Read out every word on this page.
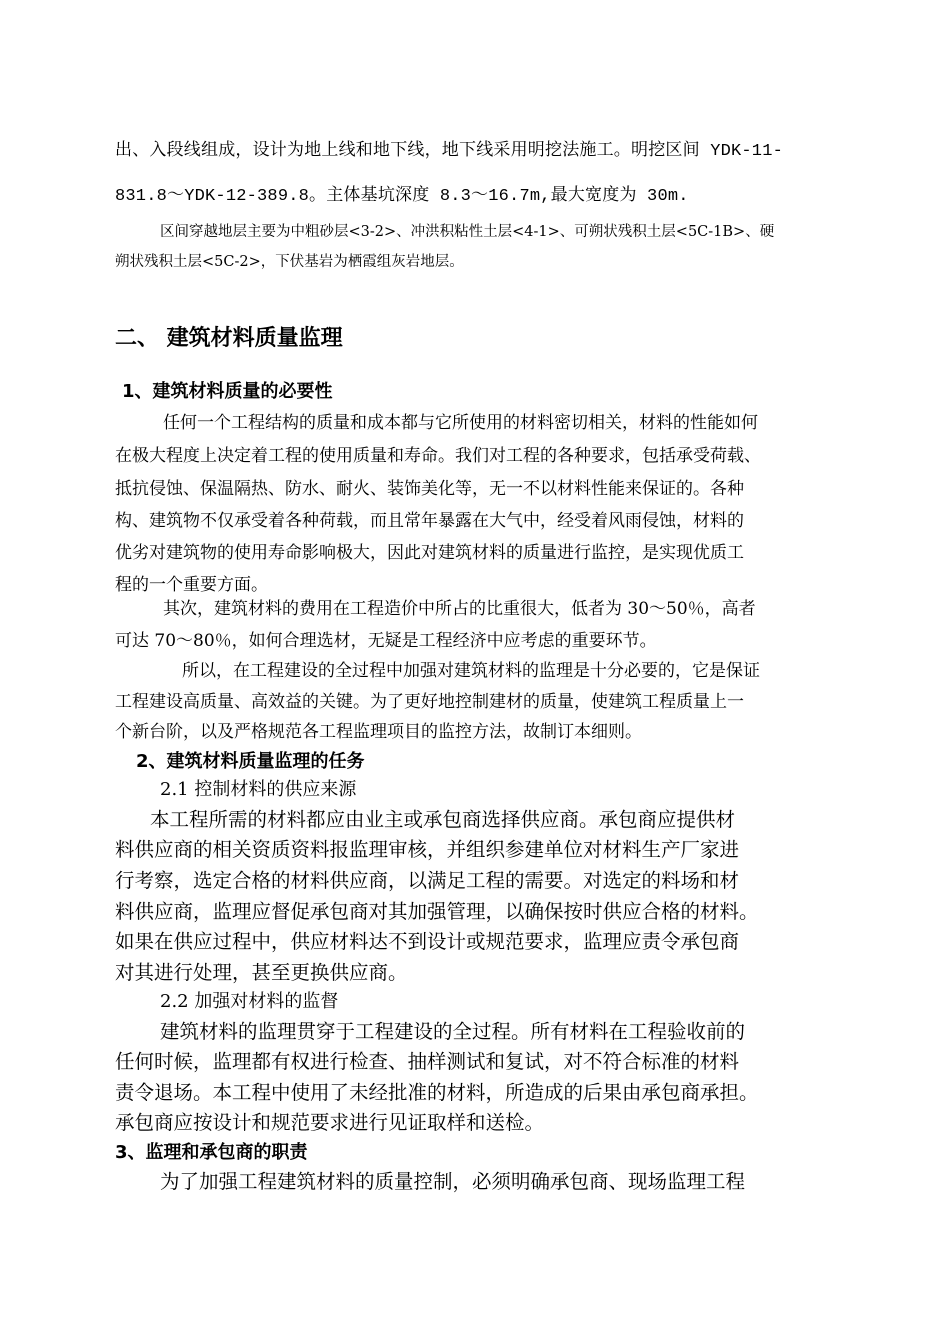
出、入段线组成，设计为地上线和地下线，地下线采用明挖法施工。明挖区间 YDK-11-

831.8～YDK-12-389.8。主体基坑深度 8.3～16.7m,最大宽度为 30m.

区间穿越地层主要为中粗砂层<3-2>、冲洪积粘性土层<4-1>、可朔状残积土层<5C-1B>、硬

朔状残积土层<5C-2>，下伏基岩为栖霞组灰岩地层。

二、 建筑材料质量监理

1、建筑材料质量的必要性

任何一个工程结构的质量和成本都与它所使用的材料密切相关，材料的性能如何

在极大程度上决定着工程的使用质量和寿命。我们对工程的各种要求，包括承受荷载、

抵抗侵蚀、保温隔热、防水、耐火、装饰美化等，无一不以材料性能来保证的。各种

构、建筑物不仅承受着各种荷载，而且常年暴露在大气中，经受着风雨侵蚀，材料的

优劣对建筑物的使用寿命影响极大，因此对建筑材料的质量进行监控，是实现优质工

程的一个重要方面。

其次，建筑材料的费用在工程造价中所占的比重很大，低者为 30～50％，高者

可达 70～80％，如何合理选材，无疑是工程经济中应考虑的重要环节。

所以，在工程建设的全过程中加强对建筑材料的监理是十分必要的，它是保证

工程建设高质量、高效益的关键。为了更好地控制建材的质量，使建筑工程质量上一

个新台阶，以及严格规范各工程监理项目的监控方法，故制订本细则。

2、建筑材料质量监理的任务

2.1 控制材料的供应来源

本工程所需的材料都应由业主或承包商选择供应商。承包商应提供材

料供应商的相关资质资料报监理审核，并组织参建单位对材料生产厂家进

行考察，选定合格的材料供应商，以满足工程的需要。对选定的料场和材

料供应商，监理应督促承包商对其加强管理，以确保按时供应合格的材料。

如果在供应过程中，供应材料达不到设计或规范要求，监理应责令承包商

对其进行处理，甚至更换供应商。

2.2 加强对材料的监督

建筑材料的监理贯穿于工程建设的全过程。所有材料在工程验收前的

任何时候，监理都有权进行检查、抽样测试和复试，对不符合标准的材料

责令退场。本工程中使用了未经批准的材料，所造成的后果由承包商承担。

承包商应按设计和规范要求进行见证取样和送检。

3、监理和承包商的职责

为了加强工程建筑材料的质量控制，必须明确承包商、现场监理工程
